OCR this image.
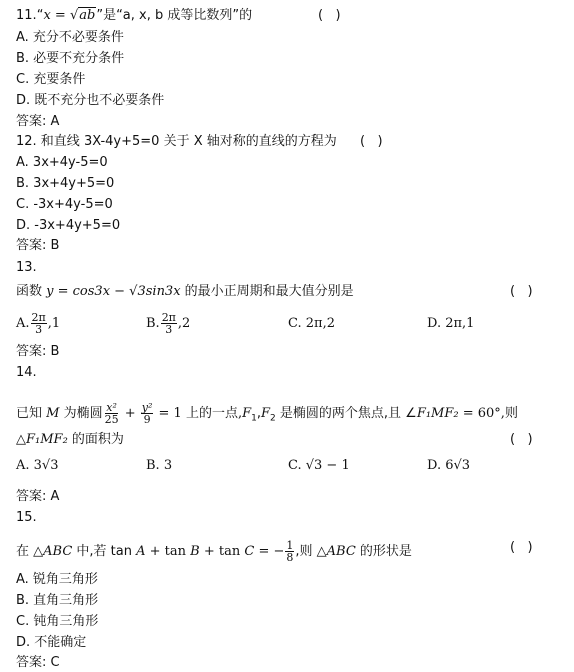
11.“x = √ab”是“a, x, b 成等比数列”的	(   )
A. 充分不必要条件
B. 必要不充分条件
C. 充要条件
D. 既不充分也不必要条件
答案: A
12. 和直线 3X-4y+5=0 关于 X 轴对称的直线的方程为 (   )
A. 3x+4y-5=0
B. 3x+4y+5=0
C. -3x+4y-5=0
D. -3x+4y+5=0
答案: B
13.
函数 y = cos3x − √3sin3x 的最小正周期和最大值分别是	(   )
A. $\frac{2\pi}{3} ,1$	B. $\frac{2\pi}{3} ,2$	C. 2π,2	D. 2π,1
答案: B
14.
已知 M 为椭圆 $\frac{\text{x²}}{25} + \frac{\text{y²}}{9} = 1$ 上的一点$,F_1,F_2$ 是椭圆的两个焦点,且 ∠F₁MF₂ = 60°,则
△F₁MF₂ 的面积为	(   )
A. 3√3	B. 3	C. √3 − 1	D. 6√3
答案: A
15.
在 △ABC 中,若 tan A + tan B + tan C = − $\frac{1}{8}$ ,则 △ABC 的形状是	(   )
A. 锐角三角形
B. 直角三角形
C. 钝角三角形
D. 不能确定
答案: C
